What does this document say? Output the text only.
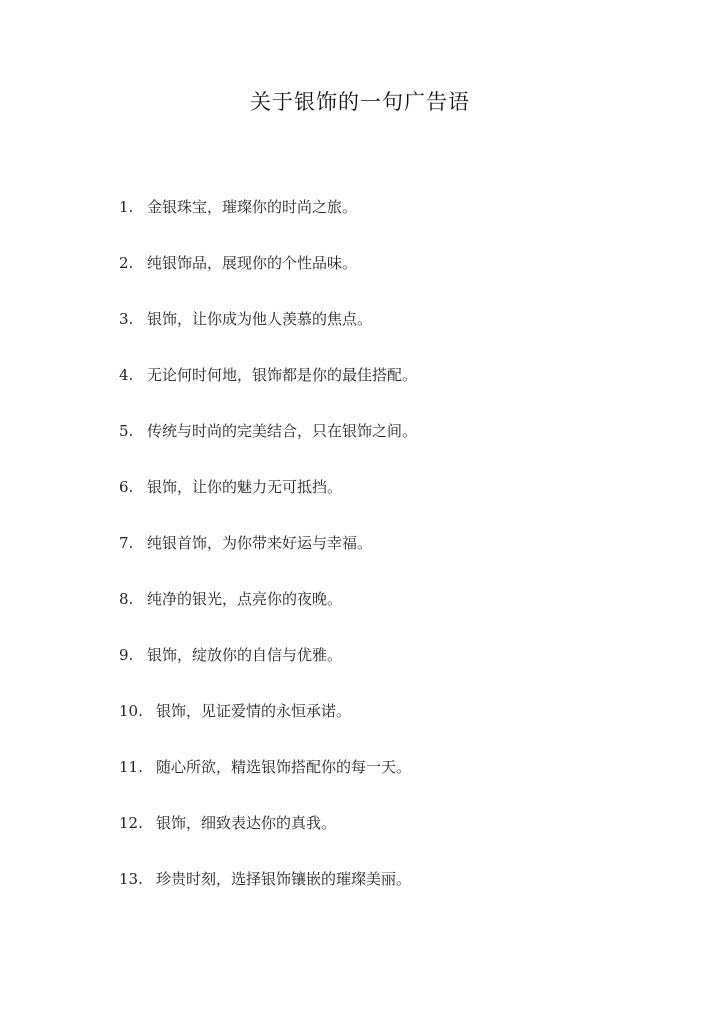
关于银饰的一句广告语
1. 金银珠宝，璀璨你的时尚之旅。
2. 纯银饰品，展现你的个性品味。
3. 银饰，让你成为他人羡慕的焦点。
4. 无论何时何地，银饰都是你的最佳搭配。
5. 传统与时尚的完美结合，只在银饰之间。
6. 银饰，让你的魅力无可抵挡。
7. 纯银首饰，为你带来好运与幸福。
8. 纯净的银光，点亮你的夜晚。
9. 银饰，绽放你的自信与优雅。
10. 银饰，见证爱情的永恒承诺。
11. 随心所欲，精选银饰搭配你的每一天。
12. 银饰，细致表达你的真我。
13. 珍贵时刻，选择银饰镶嵌的璀璨美丽。
